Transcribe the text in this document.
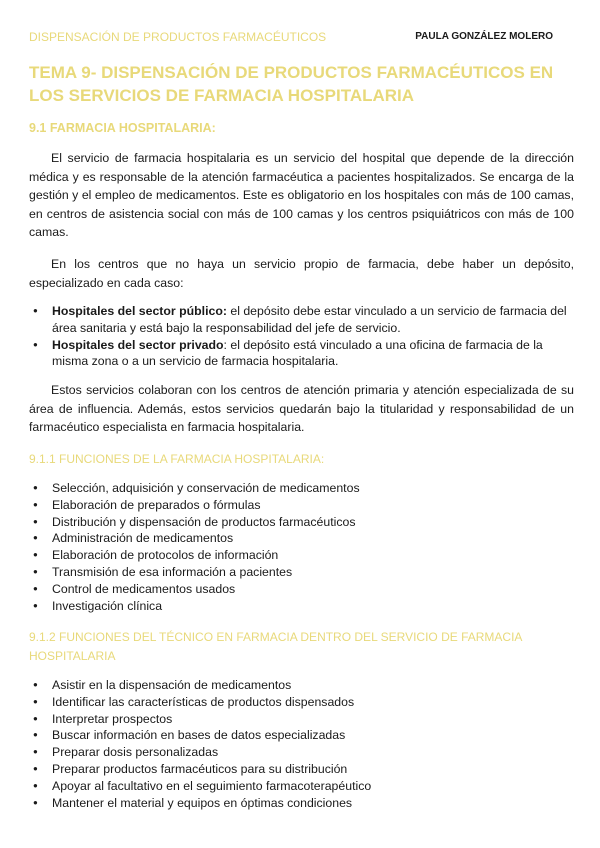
DISPENSACIÓN DE PRODUCTOS FARMACÉUTICOS	PAULA GONZÁLEZ MOLERO
TEMA 9- DISPENSACIÓN DE PRODUCTOS FARMACÉUTICOS EN LOS SERVICIOS DE FARMACIA HOSPITALARIA
9.1 FARMACIA HOSPITALARIA:

El servicio de farmacia hospitalaria es un servicio del hospital que depende de la dirección médica y es responsable de la atención farmacéutica a pacientes hospitalizados. Se encarga de la gestión y el empleo de medicamentos. Este es obligatorio en los hospitales con más de 100 camas, en centros de asistencia social con más de 100 camas y los centros psiquiátricos con más de 100 camas.

En los centros que no haya un servicio propio de farmacia, debe haber un depósito, especializado en cada caso:

● Hospitales del sector público: el depósito debe estar vinculado a un servicio de farmacia del área sanitaria y está bajo la responsabilidad del jefe de servicio.
● Hospitales del sector privado: el depósito está vinculado a una oficina de farmacia de la misma zona o a un servicio de farmacia hospitalaria.

Estos servicios colaboran con los centros de atención primaria y atención especializada de su área de influencia. Además, estos servicios quedarán bajo la titularidad y responsabilidad de un farmacéutico especialista en farmacia hospitalaria.

9.1.1 FUNCIONES DE LA FARMACIA HOSPITALARIA:
● Selección, adquisición y conservación de medicamentos
● Elaboración de preparados o fórmulas
● Distribución y dispensación de productos farmacéuticos
● Administración de medicamentos
● Elaboración de protocolos de información
● Transmisión de esa información a pacientes
● Control de medicamentos usados
● Investigación clínica
9.1.2 FUNCIONES DEL TÉCNICO EN FARMACIA DENTRO DEL SERVICIO DE FARMACIA HOSPITALARIA
● Asistir en la dispensación de medicamentos
● Identificar las características de productos dispensados
● Interpretar prospectos
● Buscar información en bases de datos especializadas
● Preparar dosis personalizadas
● Preparar productos farmacéuticos para su distribución
● Apoyar al facultativo en el seguimiento farmacoterapéutico
● Mantener el material y equipos en óptimas condiciones
